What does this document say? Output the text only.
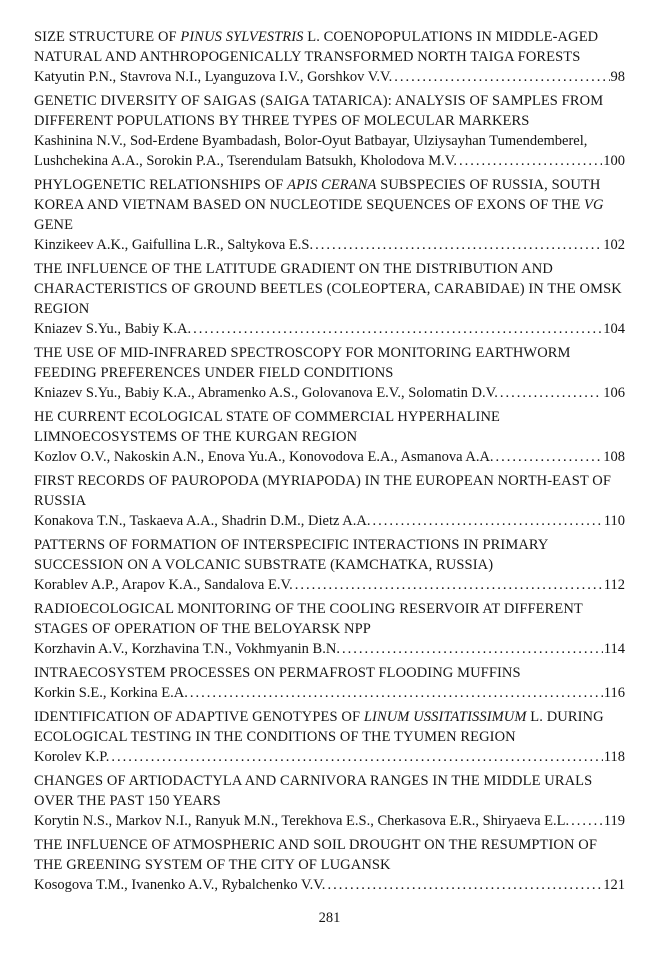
SIZE STRUCTURE OF PINUS SYLVESTRIS L. COENOPOPULATIONS IN MIDDLE-AGED
NATURAL AND ANTHROPOGENICALLY TRANSFORMED NORTH TAIGA FORESTS
Katyutin P.N., Stavrova N.I., Lyanguzova I.V., Gorshkov V.V. .....	98
GENETIC DIVERSITY OF SAIGAS (SAIGA TATARICA): ANALYSIS OF SAMPLES FROM
DIFFERENT POPULATIONS BY THREE TYPES OF MOLECULAR MARKERS
Kashinina N.V., Sod-Erdene Byambadash, Bolor-Oyut Batbayar, Ulziysayhan Tumendemberel,
Lushchekina A.A., Sorokin P.A., Tserendulam Batsukh, Kholodova M.V. .....	100
PHYLOGENETIC RELATIONSHIPS OF APIS CERANA SUBSPECIES OF RUSSIA, SOUTH
KOREA AND VIETNAM BASED ON NUCLEOTIDE SEQUENCES OF EXONS OF THE VG
GENE
Kinzikeev A.K., Gaifullina L.R., Saltykova E.S. .....	102
THE INFLUENCE OF THE LATITUDE GRADIENT ON THE DISTRIBUTION AND
CHARACTERISTICS OF GROUND BEETLES (COLEOPTERA, CARABIDAE) IN THE OMSK
REGION
Kniazev S.Yu., Babiy K.A. .....	104
THE USE OF MID-INFRARED SPECTROSCOPY FOR MONITORING EARTHWORM
FEEDING PREFERENCES UNDER FIELD CONDITIONS
Kniazev S.Yu., Babiy K.A., Abramenko A.S., Golovanova E.V., Solomatin D.V. .....	106
HE CURRENT ECOLOGICAL STATE OF COMMERCIAL HYPERHALINE
LIMNOECOSYSTEMS OF THE KURGAN REGION
Kozlov O.V., Nakoskin A.N., Enova Yu.A., Konovodova E.A., Asmanova A.A. .....	108
FIRST RECORDS OF PAUROPODA (MYRIAPODA) IN THE EUROPEAN NORTH-EAST OF
RUSSIA
Konakova T.N., Taskaeva A.A., Shadrin D.M., Dietz A.A. .....	110
PATTERNS OF FORMATION OF INTERSPECIFIC INTERACTIONS IN PRIMARY
SUCCESSION ON A VOLCANIC SUBSTRATE (KAMCHATKA, RUSSIA)
Korablev A.P., Arapov K.A., Sandalova E.V. .....	112
RADIOECOLOGICAL MONITORING OF THE COOLING RESERVOIR AT DIFFERENT
STAGES OF OPERATION OF THE BELOYARSK NPP
Korzhavin A.V., Korzhavina T.N., Vokhmyanin B.N. .....	114
INTRAECOSYSTEM PROCESSES ON PERMAFROST FLOODING MUFFINS
Korkin S.E., Korkina E.A. .....	116
IDENTIFICATION OF ADAPTIVE GENOTYPES OF LINUM USSITATISSIMUM L. DURING
ECOLOGICAL TESTING IN THE CONDITIONS OF THE TYUMEN REGION
Korolev K.P. .....	118
CHANGES OF ARTIODACTYLA AND CARNIVORA RANGES IN THE MIDDLE URALS
OVER THE PAST 150 YEARS
Korytin N.S., Markov N.I., Ranyuk M.N., Terekhova E.S., Cherkasova E.R., Shiryaeva E.L. ..... 119
THE INFLUENCE OF ATMOSPHERIC AND SOIL DROUGHT ON THE RESUMPTION OF
THE GREENING SYSTEM OF THE CITY OF LUGANSK
Kosogova T.M., Ivanenko A.V., Rybalchenko V.V. .....	121
281
